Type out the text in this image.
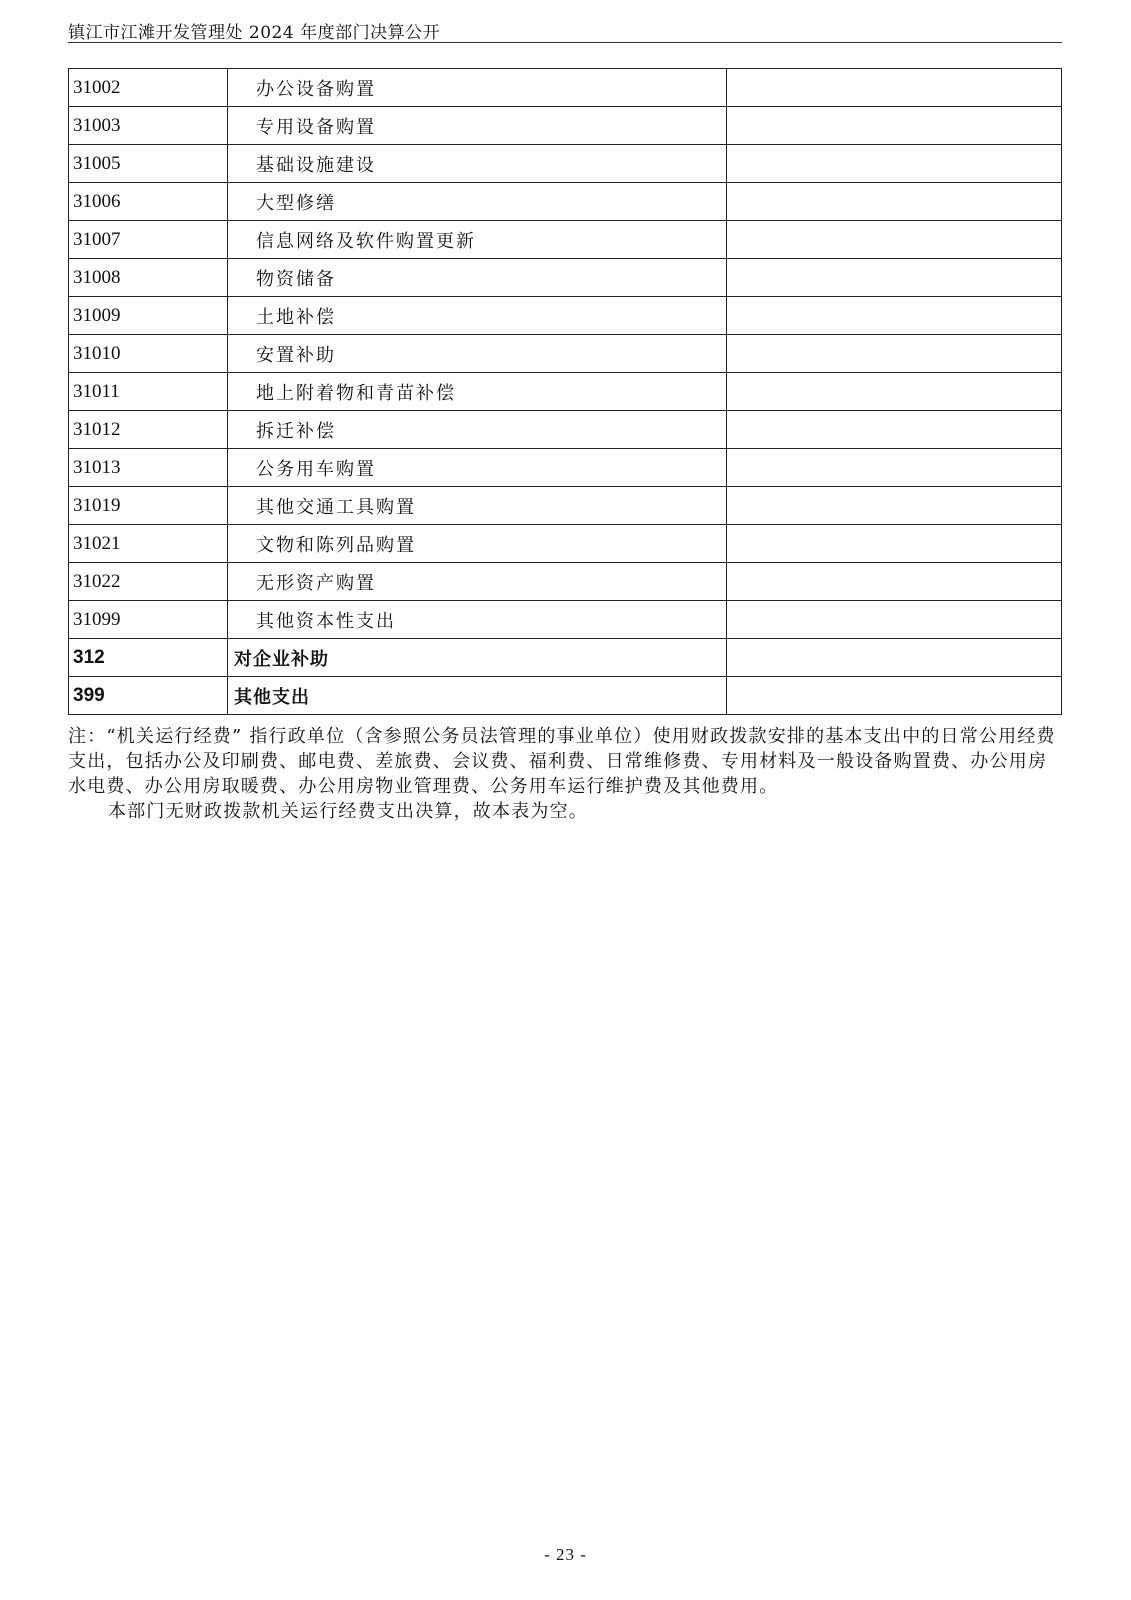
镇江市江滩开发管理处 2024 年度部门决算公开
31002	办公设备购置	
31003	专用设备购置	
31005	基础设施建设	
31006	大型修缮	
31007	信息网络及软件购置更新	
31008	物资储备	
31009	土地补偿	
31010	安置补助	
31011	地上附着物和青苗补偿	
31012	拆迁补偿	
31013	公务用车购置	
31019	其他交通工具购置	
31021	文物和陈列品购置	
31022	无形资产购置	
31099	其他资本性支出	
312	对企业补助	
399	其他支出	

注：“机关运行经费” 指行政单位（含参照公务员法管理的事业单位）使用财政拨款安排的基本支出中的日常公用经费支出，包括办公及印刷费、邮电费、差旅费、会议费、福利费、日常维修费、专用材料及一般设备购置费、办公用房水电费、办公用房取暖费、办公用房物业管理费、公务用车运行维护费及其他费用。

本部门无财政拨款机关运行经费支出决算，故本表为空。

- 23 -
